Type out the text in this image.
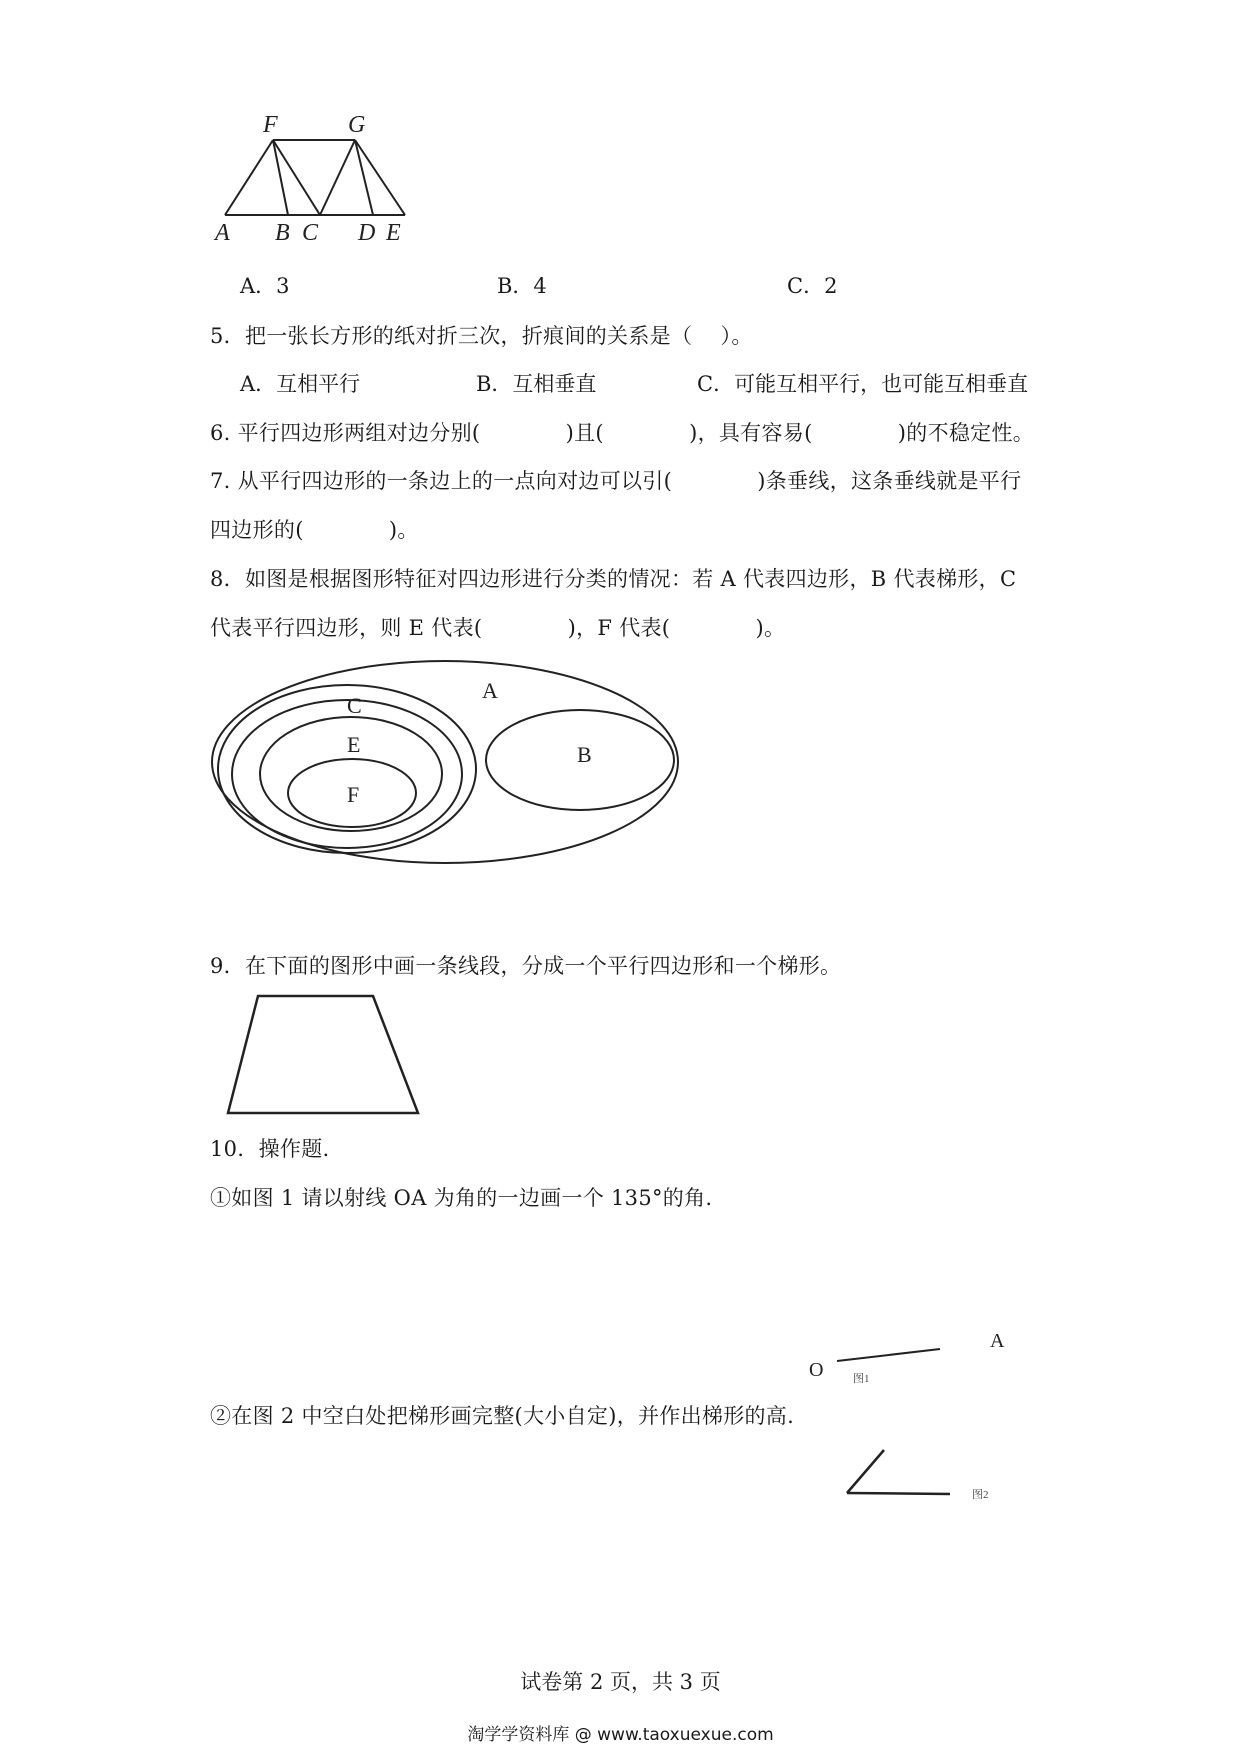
F	G
A B C D E
A．3	B．4	C．2
5．把一张长方形的纸对折三次，折痕间的关系是（　 ）。
A．互相平行	B．互相垂直	C．可能互相平行，也可能互相垂直
6. 平行四边形两组对边分别(　　　　)且(　　　　)，具有容易(　　　　)的不稳定性。
7. 从平行四边形的一条边上的一点向对边可以引(　　　　)条垂线，这条垂线就是平行
四边形的(　　　　)。
8．如图是根据图形特征对四边形进行分类的情况：若 A 代表四边形，B 代表梯形，C
代表平行四边形，则 E 代表(　　　　)，F 代表(　　　　)。
A
C
E
F
B
9．在下面的图形中画一条线段，分成一个平行四边形和一个梯形。
10．操作题.
①如图 1 请以射线 OA 为角的一边画一个 135°的角.
②在图 2 中空白处把梯形画完整(大小自定)，并作出梯形的高.
O
A
图1
图2
试卷第 2 页，共 3 页
淘学学资料库 @ www.taoxuexue.com
